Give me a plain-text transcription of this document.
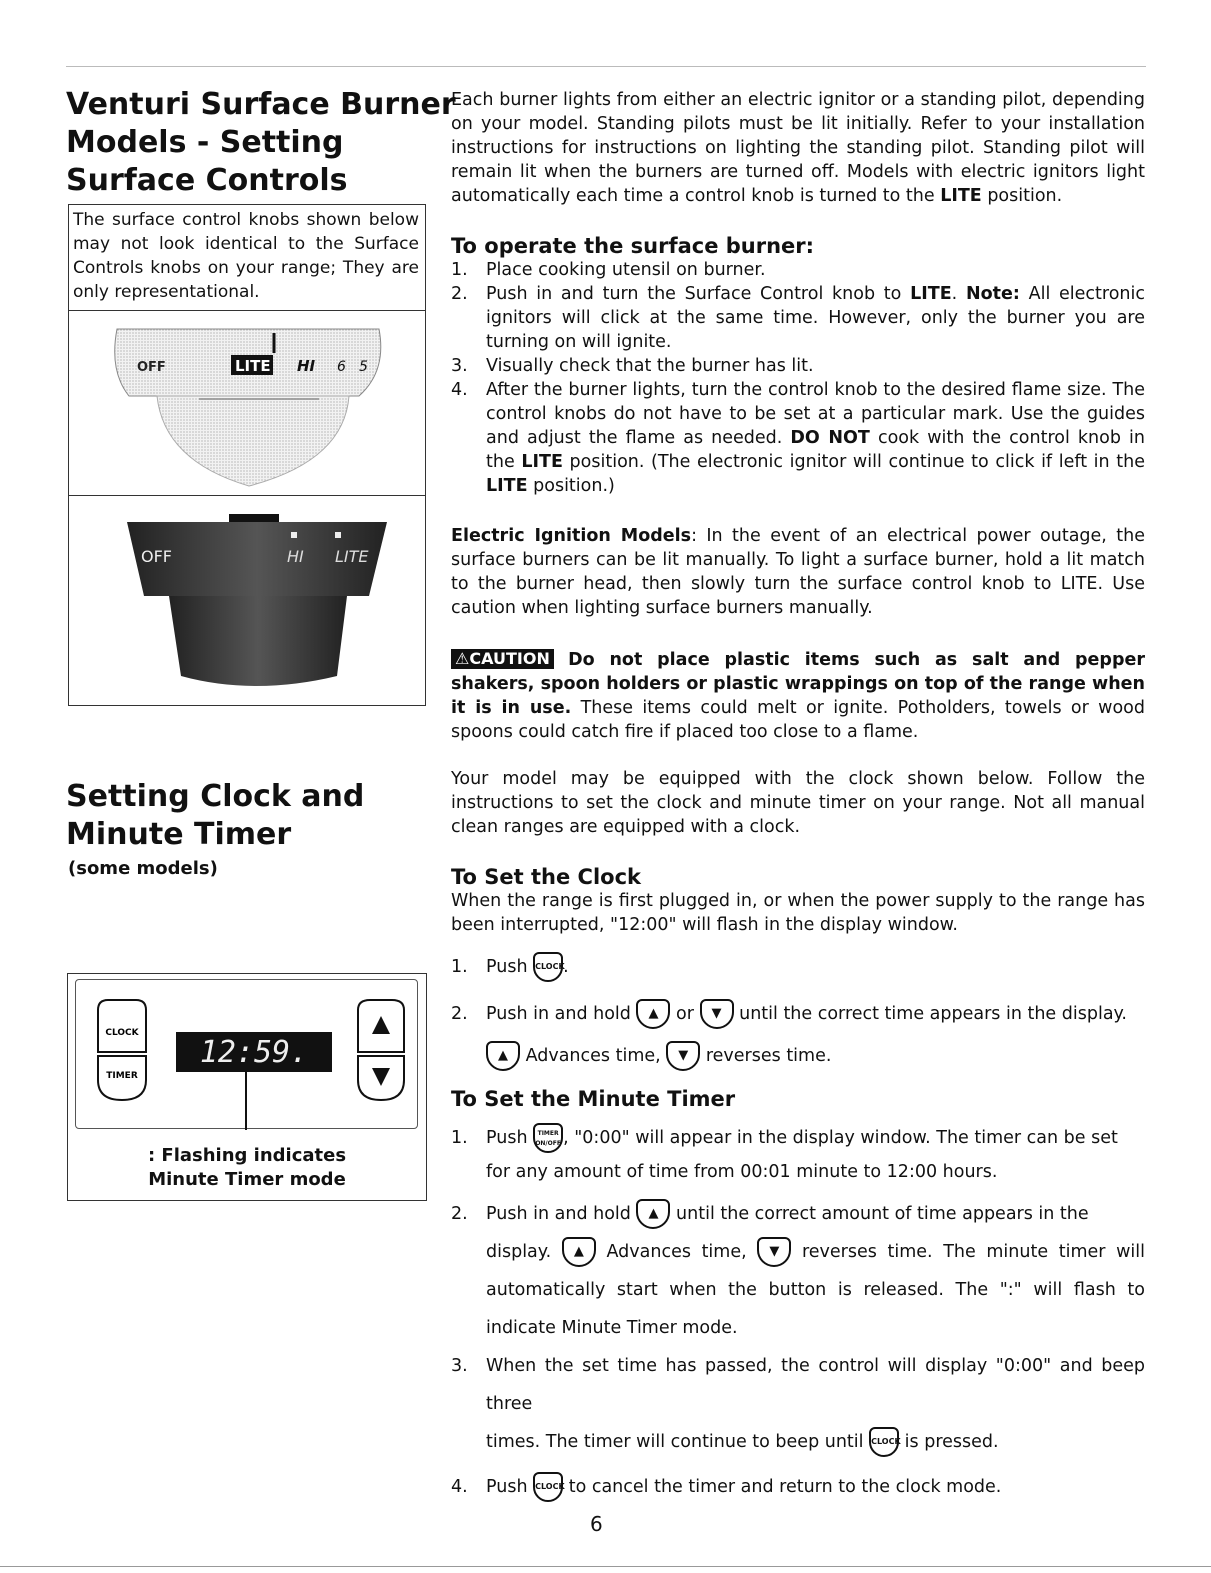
Venturi Surface Burner
Models - Setting
Surface Controls
The surface control knobs shown below may not look identical to the Surface Controls knobs on your range; They are only representational.
OFF	LITE HI 6 5
OFF	HI LITE
Setting Clock and
Minute Timer
(some models)
CLOCK
TIMER
12:59.
: Flashing indicates
Minute Timer mode

Each burner lights from either an electric ignitor or a standing pilot, depending on your model. Standing pilots must be lit initially. Refer to your installation instructions for instructions on lighting the standing pilot. Standing pilot will remain lit when the burners are turned off. Models with electric ignitors light automatically each time a control knob is turned to the LITE position.

To operate the surface burner:

1. Place cooking utensil on burner.
2. Push in and turn the Surface Control knob to LITE. Note: All electronic ignitors will click at the same time. However, only the burner you are turning on will ignite.
3. Visually check that the burner has lit.
4. After the burner lights, turn the control knob to the desired flame size. The control knobs do not have to be set at a particular mark. Use the guides and adjust the flame as needed. DO NOT cook with the control knob in the LITE position. (The electronic ignitor will continue to click if left in the LITE position.)

Electric Ignition Models: In the event of an electrical power outage, the surface burners can be lit manually. To light a surface burner, hold a lit match to the burner head, then slowly turn the surface control knob to LITE. Use caution when lighting surface burners manually.

⚠CAUTION Do not place plastic items such as salt and pepper shakers, spoon holders or plastic wrappings on top of the range when it is in use. These items could melt or ignite. Potholders, towels or wood spoons could catch fire if placed too close to a flame.

Your model may be equipped with the clock shown below. Follow the instructions to set the clock and minute timer on your range. Not all manual clean ranges are equipped with a clock.

To Set the Clock

When the range is first plugged in, or when the power supply to the range has been interrupted, "12:00" will flash in the display window.

1. Push CLOCK.
2. Push in and hold ▲ or ▼ until the correct time appears in the display.
▲ Advances time, ▼ reverses time.

To Set the Minute Timer

1. Push TIMER ON/OFF , "0:00" will appear in the display window. The timer can be set
for any amount of time from 00:01 minute to 12:00 hours.
2. Push in and hold ▲ until the correct amount of time appears in the
display. ▲ Advances time, ▼ reverses time. The minute timer will automatically start when the button is released. The ":" will flash to indicate Minute Timer mode.
3. When the set time has passed, the control will display "0:00" and beep three
times. The timer will continue to beep until CLOCK is pressed.
4. Push CLOCK to cancel the timer and return to the clock mode.
6
